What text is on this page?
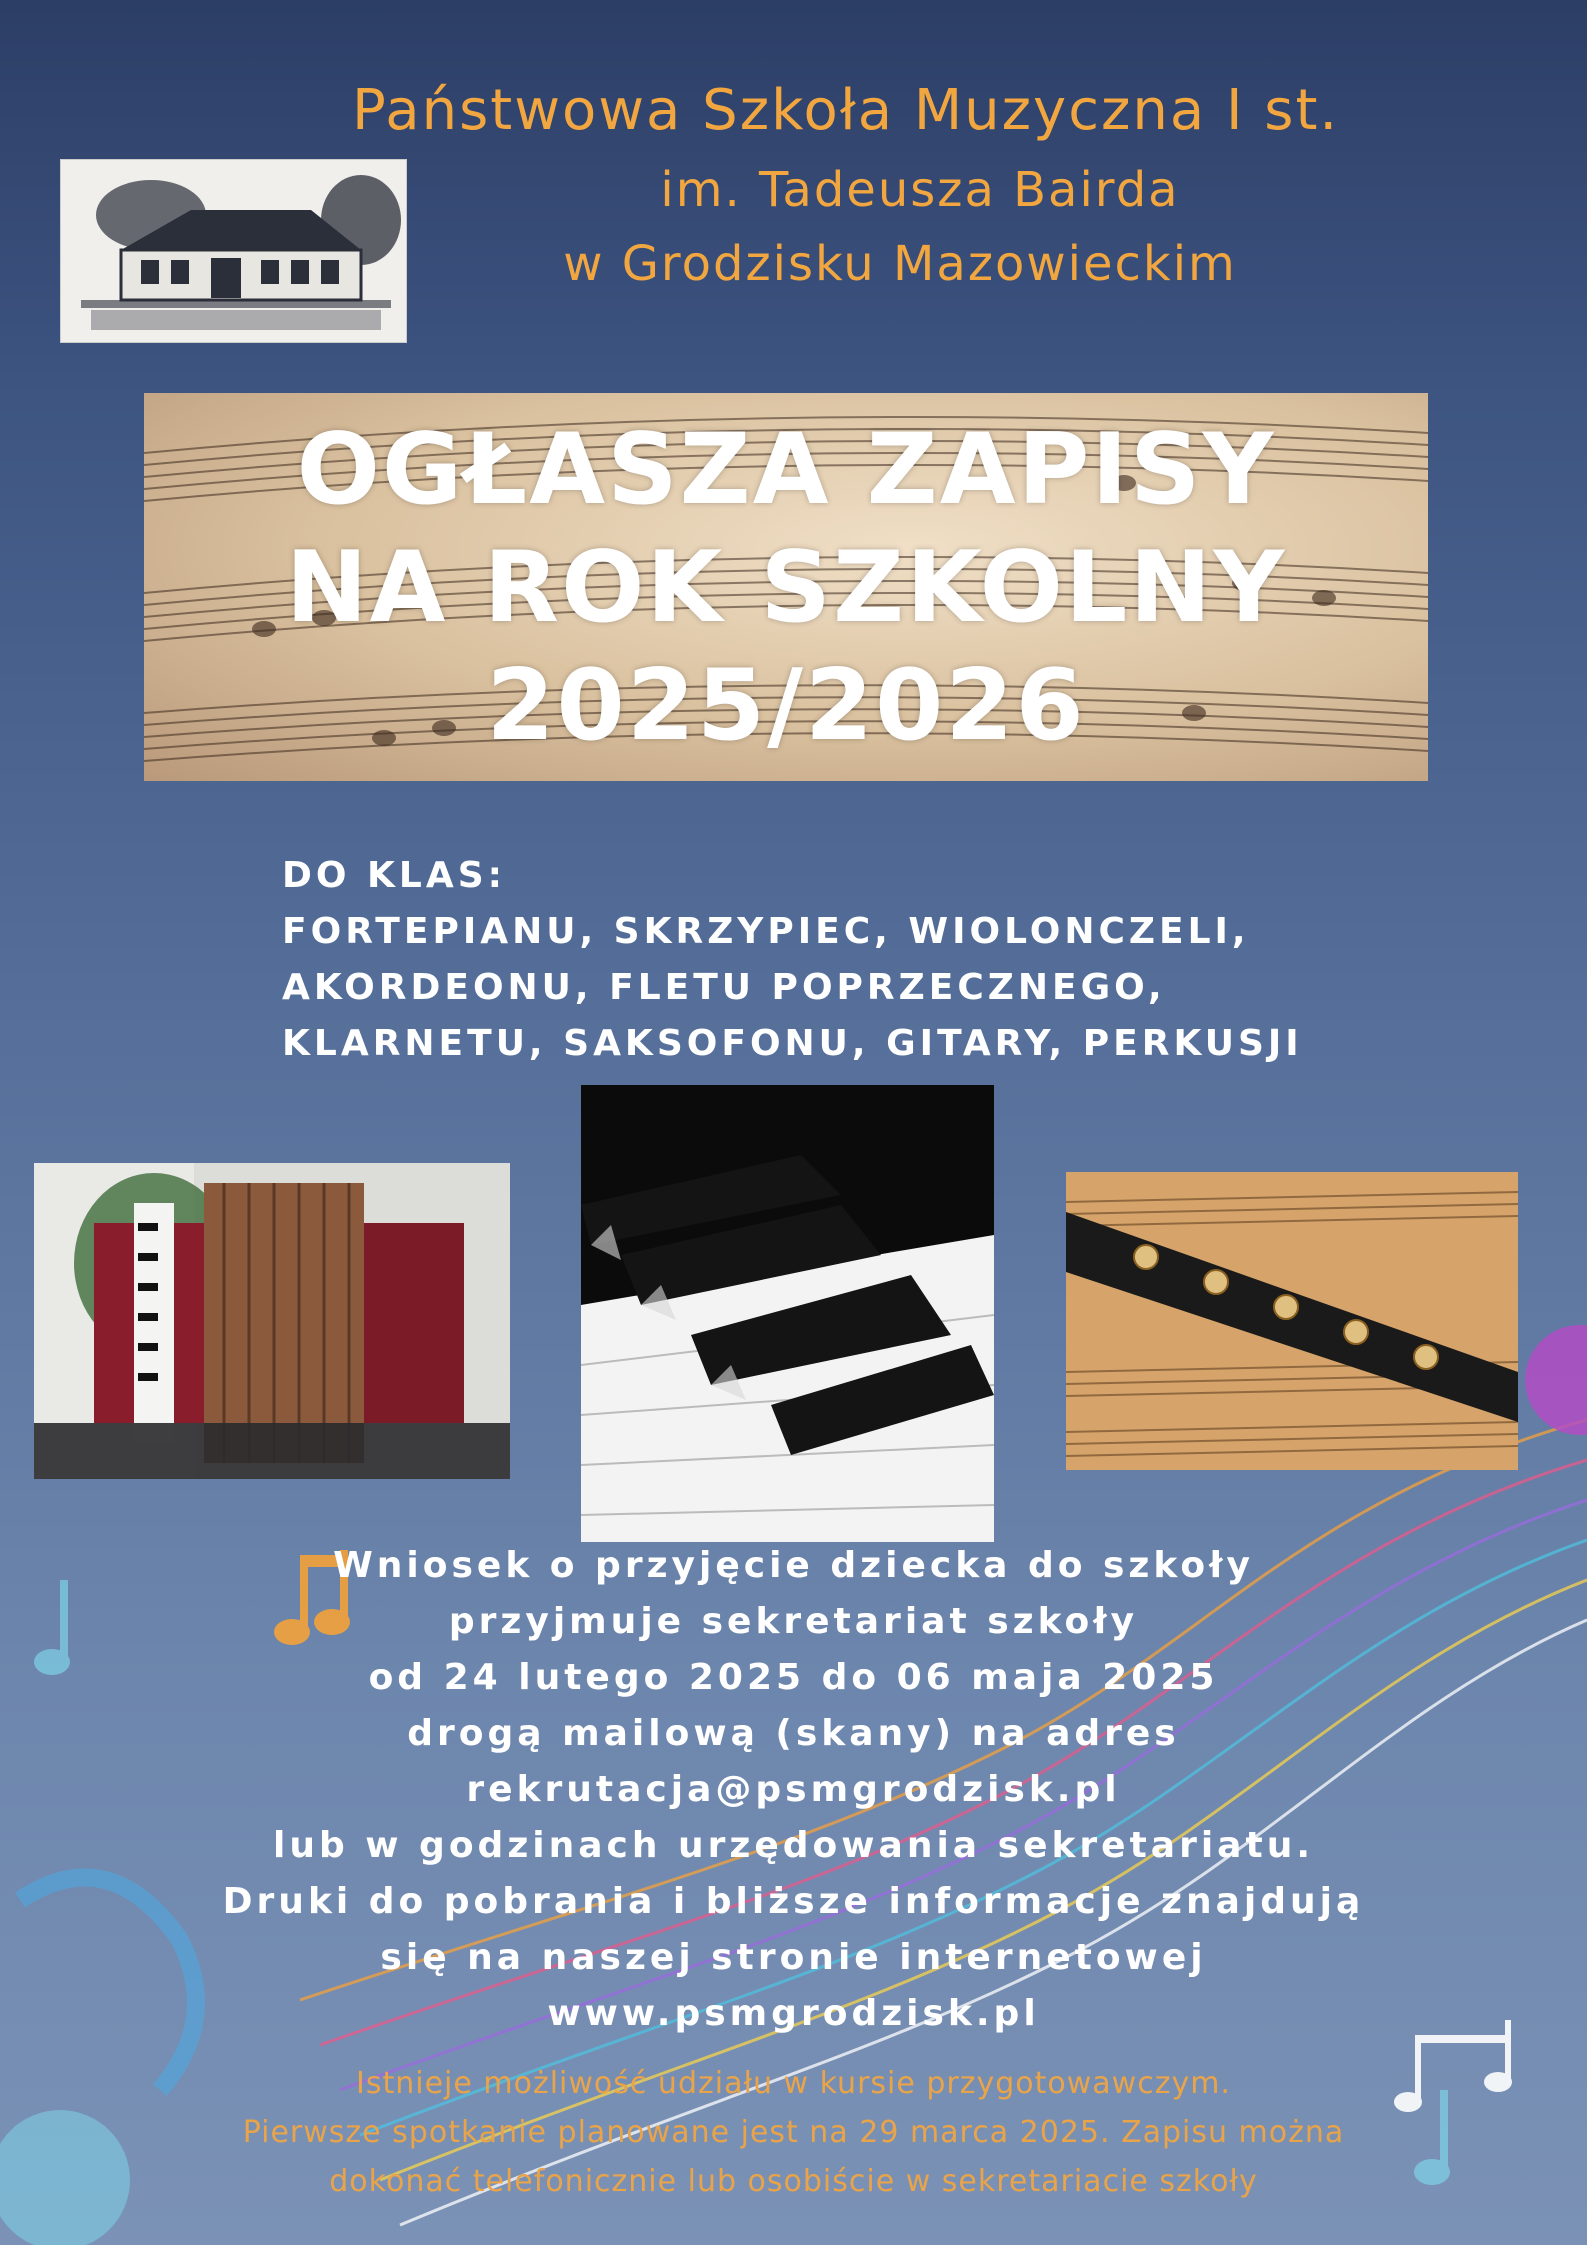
Państwowa Szkoła Muzyczna I st.
im. Tadeusza Bairda
w Grodzisku Mazowieckim
OGŁASZA ZAPISY
NA ROK SZKOLNY
2025/2026
DO KLAS:
FORTEPIANU, SKRZYPIEC, WIOLONCZELI,
AKORDEONU, FLETU POPRZECZNEGO,
KLARNETU, SAKSOFONU, GITARY, PERKUSJI
Wniosek o przyjęcie dziecka do szkoły
przyjmuje sekretariat szkoły
od 24 lutego 2025 do 06 maja 2025
drogą mailową (skany) na adres
rekrutacja@psmgrodzisk.pl
lub w godzinach urzędowania sekretariatu.
Druki do pobrania i bliższe informacje znajdują
się na naszej stronie internetowej
www.psmgrodzisk.pl
Istnieje możliwość udziału w kursie przygotowawczym.
Pierwsze spotkanie planowane jest na 29 marca 2025. Zapisu można
dokonać telefonicznie lub osobiście w sekretariacie szkoły
